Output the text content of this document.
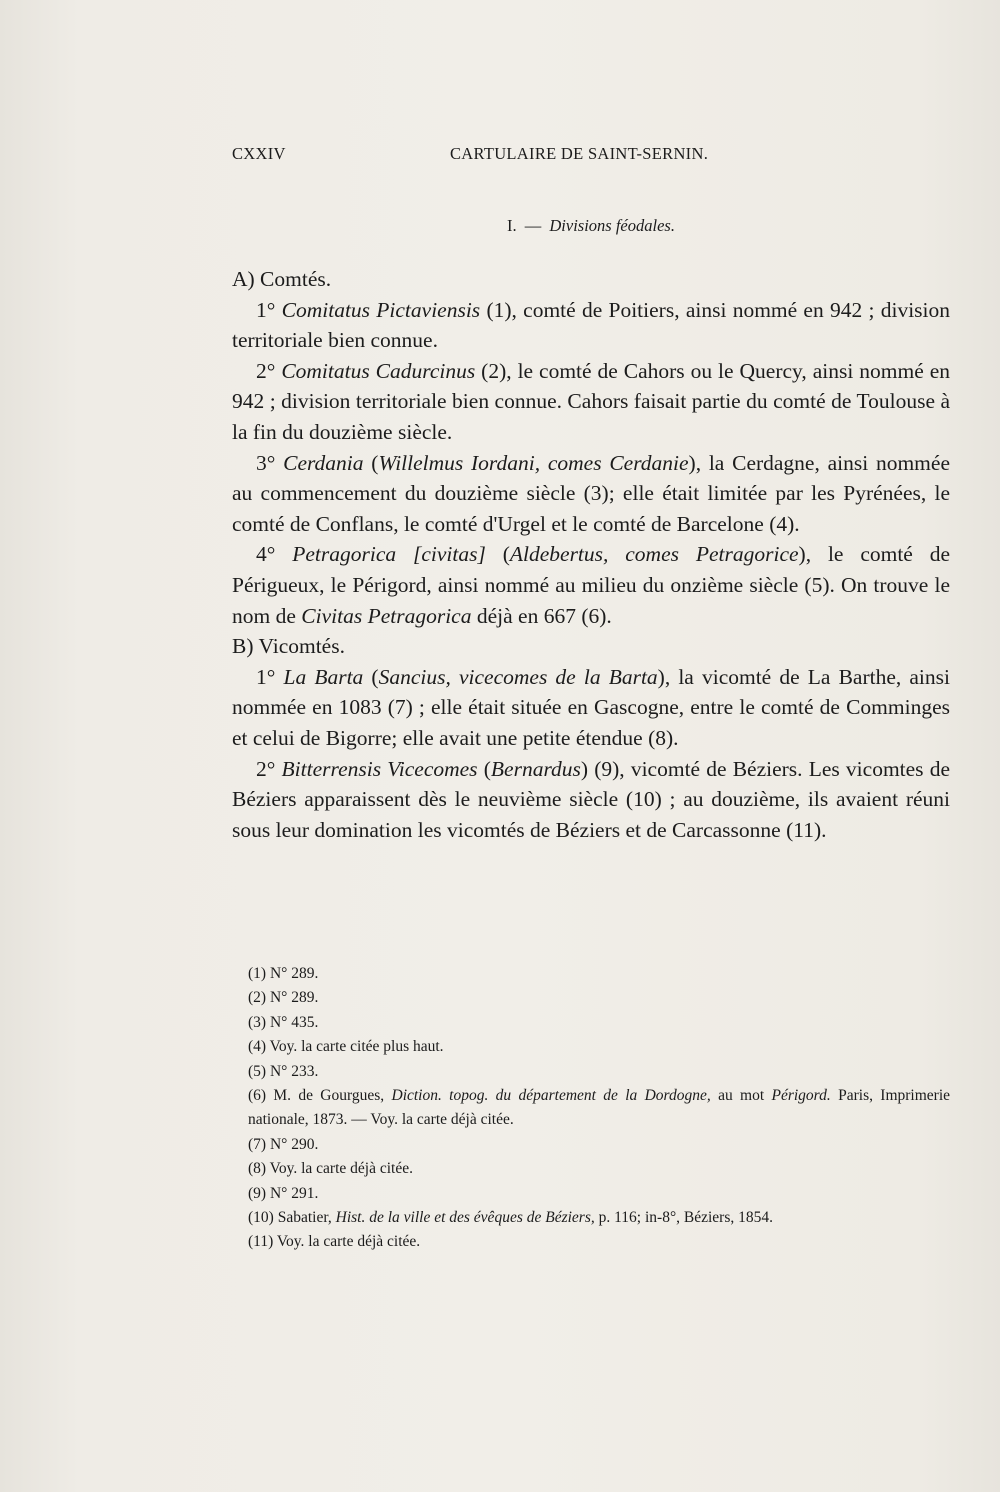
CXXIV	CARTULAIRE DE SAINT-SERNIN.
I. — Divisions féodales.

A) Comtés.

1° Comitatus Pictaviensis (1), comté de Poitiers, ainsi nommé en 942 ; division territoriale bien connue.

2° Comitatus Cadurcinus (2), le comté de Cahors ou le Quercy, ainsi nommé en 942 ; division territoriale bien connue. Cahors faisait partie du comté de Toulouse à la fin du douzième siècle.

3° Cerdania (Willelmus Iordani, comes Cerdanie), la Cerdagne, ainsi nommée au commencement du douzième siècle (3); elle était limitée par les Pyrénées, le comté de Conflans, le comté d'Urgel et le comté de Barcelone (4).

4° Petragorica [civitas] (Aldebertus, comes Petragorice), le comté de Périgueux, le Périgord, ainsi nommé au milieu du onzième siècle (5). On trouve le nom de Civitas Petragorica déjà en 667 (6).

B) Vicomtés.

1° La Barta (Sancius, vicecomes de la Barta), la vicomté de La Barthe, ainsi nommée en 1083 (7) ; elle était située en Gascogne, entre le comté de Comminges et celui de Bigorre; elle avait une petite étendue (8).

2° Bitterrensis Vicecomes (Bernardus) (9), vicomté de Béziers. Les vicomtes de Béziers apparaissent dès le neuvième siècle (10) ; au douzième, ils avaient réuni sous leur domination les vicomtés de Béziers et de Carcassonne (11).

(1) N° 289.

(2) N° 289.

(3) N° 435.

(4) Voy. la carte citée plus haut.

(5) N° 233.

(6) M. de Gourgues, Diction. topog. du département de la Dordogne, au mot Périgord. Paris, Imprimerie nationale, 1873. — Voy. la carte déjà citée.

(7) N° 290.

(8) Voy. la carte déjà citée.

(9) N° 291.

(10) Sabatier, Hist. de la ville et des évêques de Béziers, p. 116; in-8°, Béziers, 1854.

(11) Voy. la carte déjà citée.
